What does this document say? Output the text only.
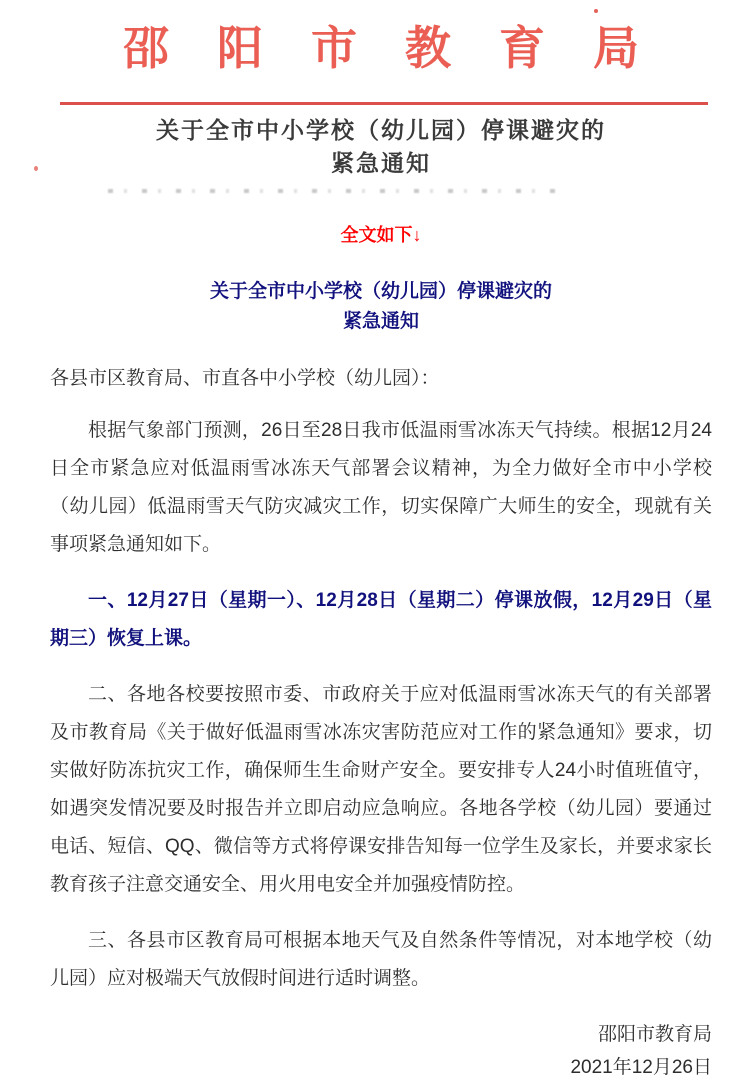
邵阳市教育局
关于全市中小学校（幼儿园）停课避灾的
紧急通知
全文如下↓
关于全市中小学校（幼儿园）停课避灾的
紧急通知
各县市区教育局、市直各中小学校（幼儿园）：

根据气象部门预测，26日至28日我市低温雨雪冰冻天气持续。根据12月24日全市紧急应对低温雨雪冰冻天气部署会议精神，为全力做好全市中小学校（幼儿园）低温雨雪天气防灾减灾工作，切实保障广大师生的安全，现就有关事项紧急通知如下。

一、12月27日（星期一）、12月28日（星期二）停课放假，12月29日（星期三）恢复上课。

二、各地各校要按照市委、市政府关于应对低温雨雪冰冻天气的有关部署及市教育局《关于做好低温雨雪冰冻灾害防范应对工作的紧急通知》要求，切实做好防冻抗灾工作，确保师生生命财产安全。要安排专人24小时值班值守，如遇突发情况要及时报告并立即启动应急响应。各地各学校（幼儿园）要通过电话、短信、QQ、微信等方式将停课安排告知每一位学生及家长，并要求家长教育孩子注意交通安全、用火用电安全并加强疫情防控。

三、各县市区教育局可根据本地天气及自然条件等情况，对本地学校（幼儿园）应对极端天气放假时间进行适时调整。

邵阳市教育局
2021年12月26日
